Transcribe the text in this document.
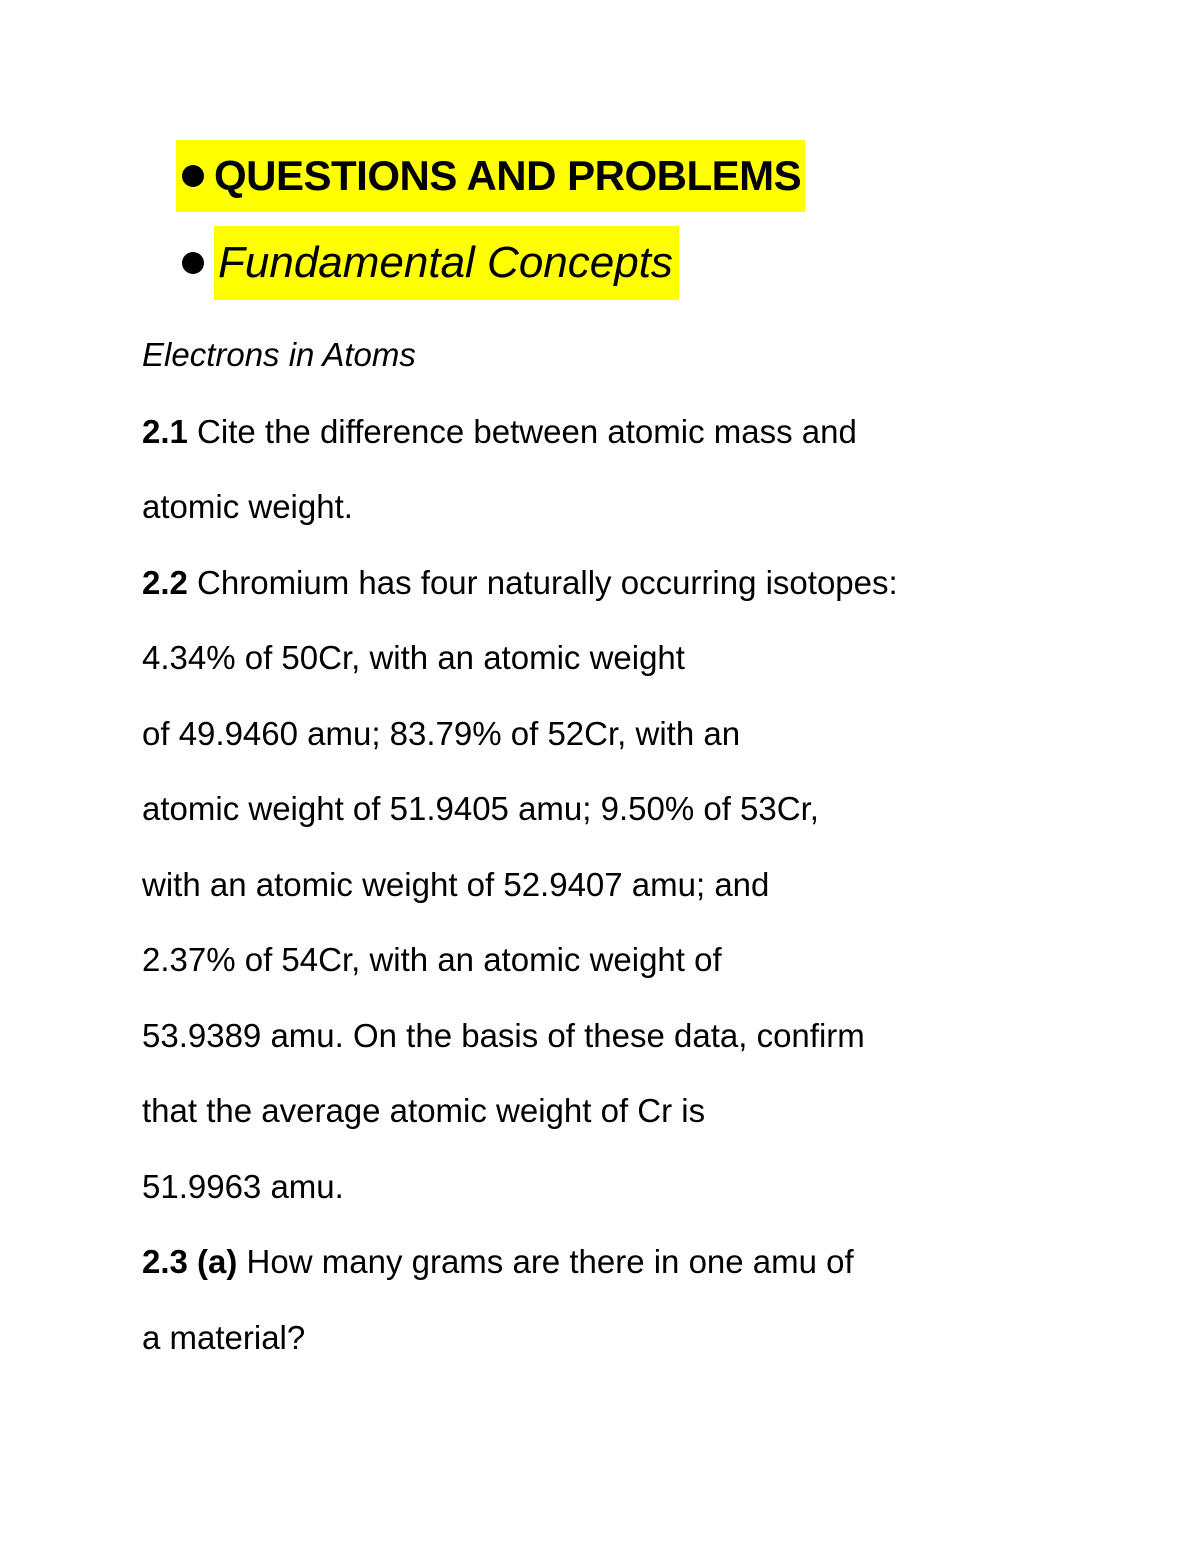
QUESTIONS AND PROBLEMS
Fundamental Concepts
Electrons in Atoms
2.1 Cite the difference between atomic mass and
atomic weight.
2.2 Chromium has four naturally occurring isotopes:
4.34% of 50Cr, with an atomic weight
of 49.9460 amu; 83.79% of 52Cr, with an
atomic weight of 51.9405 amu; 9.50% of 53Cr,
with an atomic weight of 52.9407 amu; and
2.37% of 54Cr, with an atomic weight of
53.9389 amu. On the basis of these data, confirm
that the average atomic weight of Cr is
51.9963 amu.
2.3 (a) How many grams are there in one amu of
a material?
